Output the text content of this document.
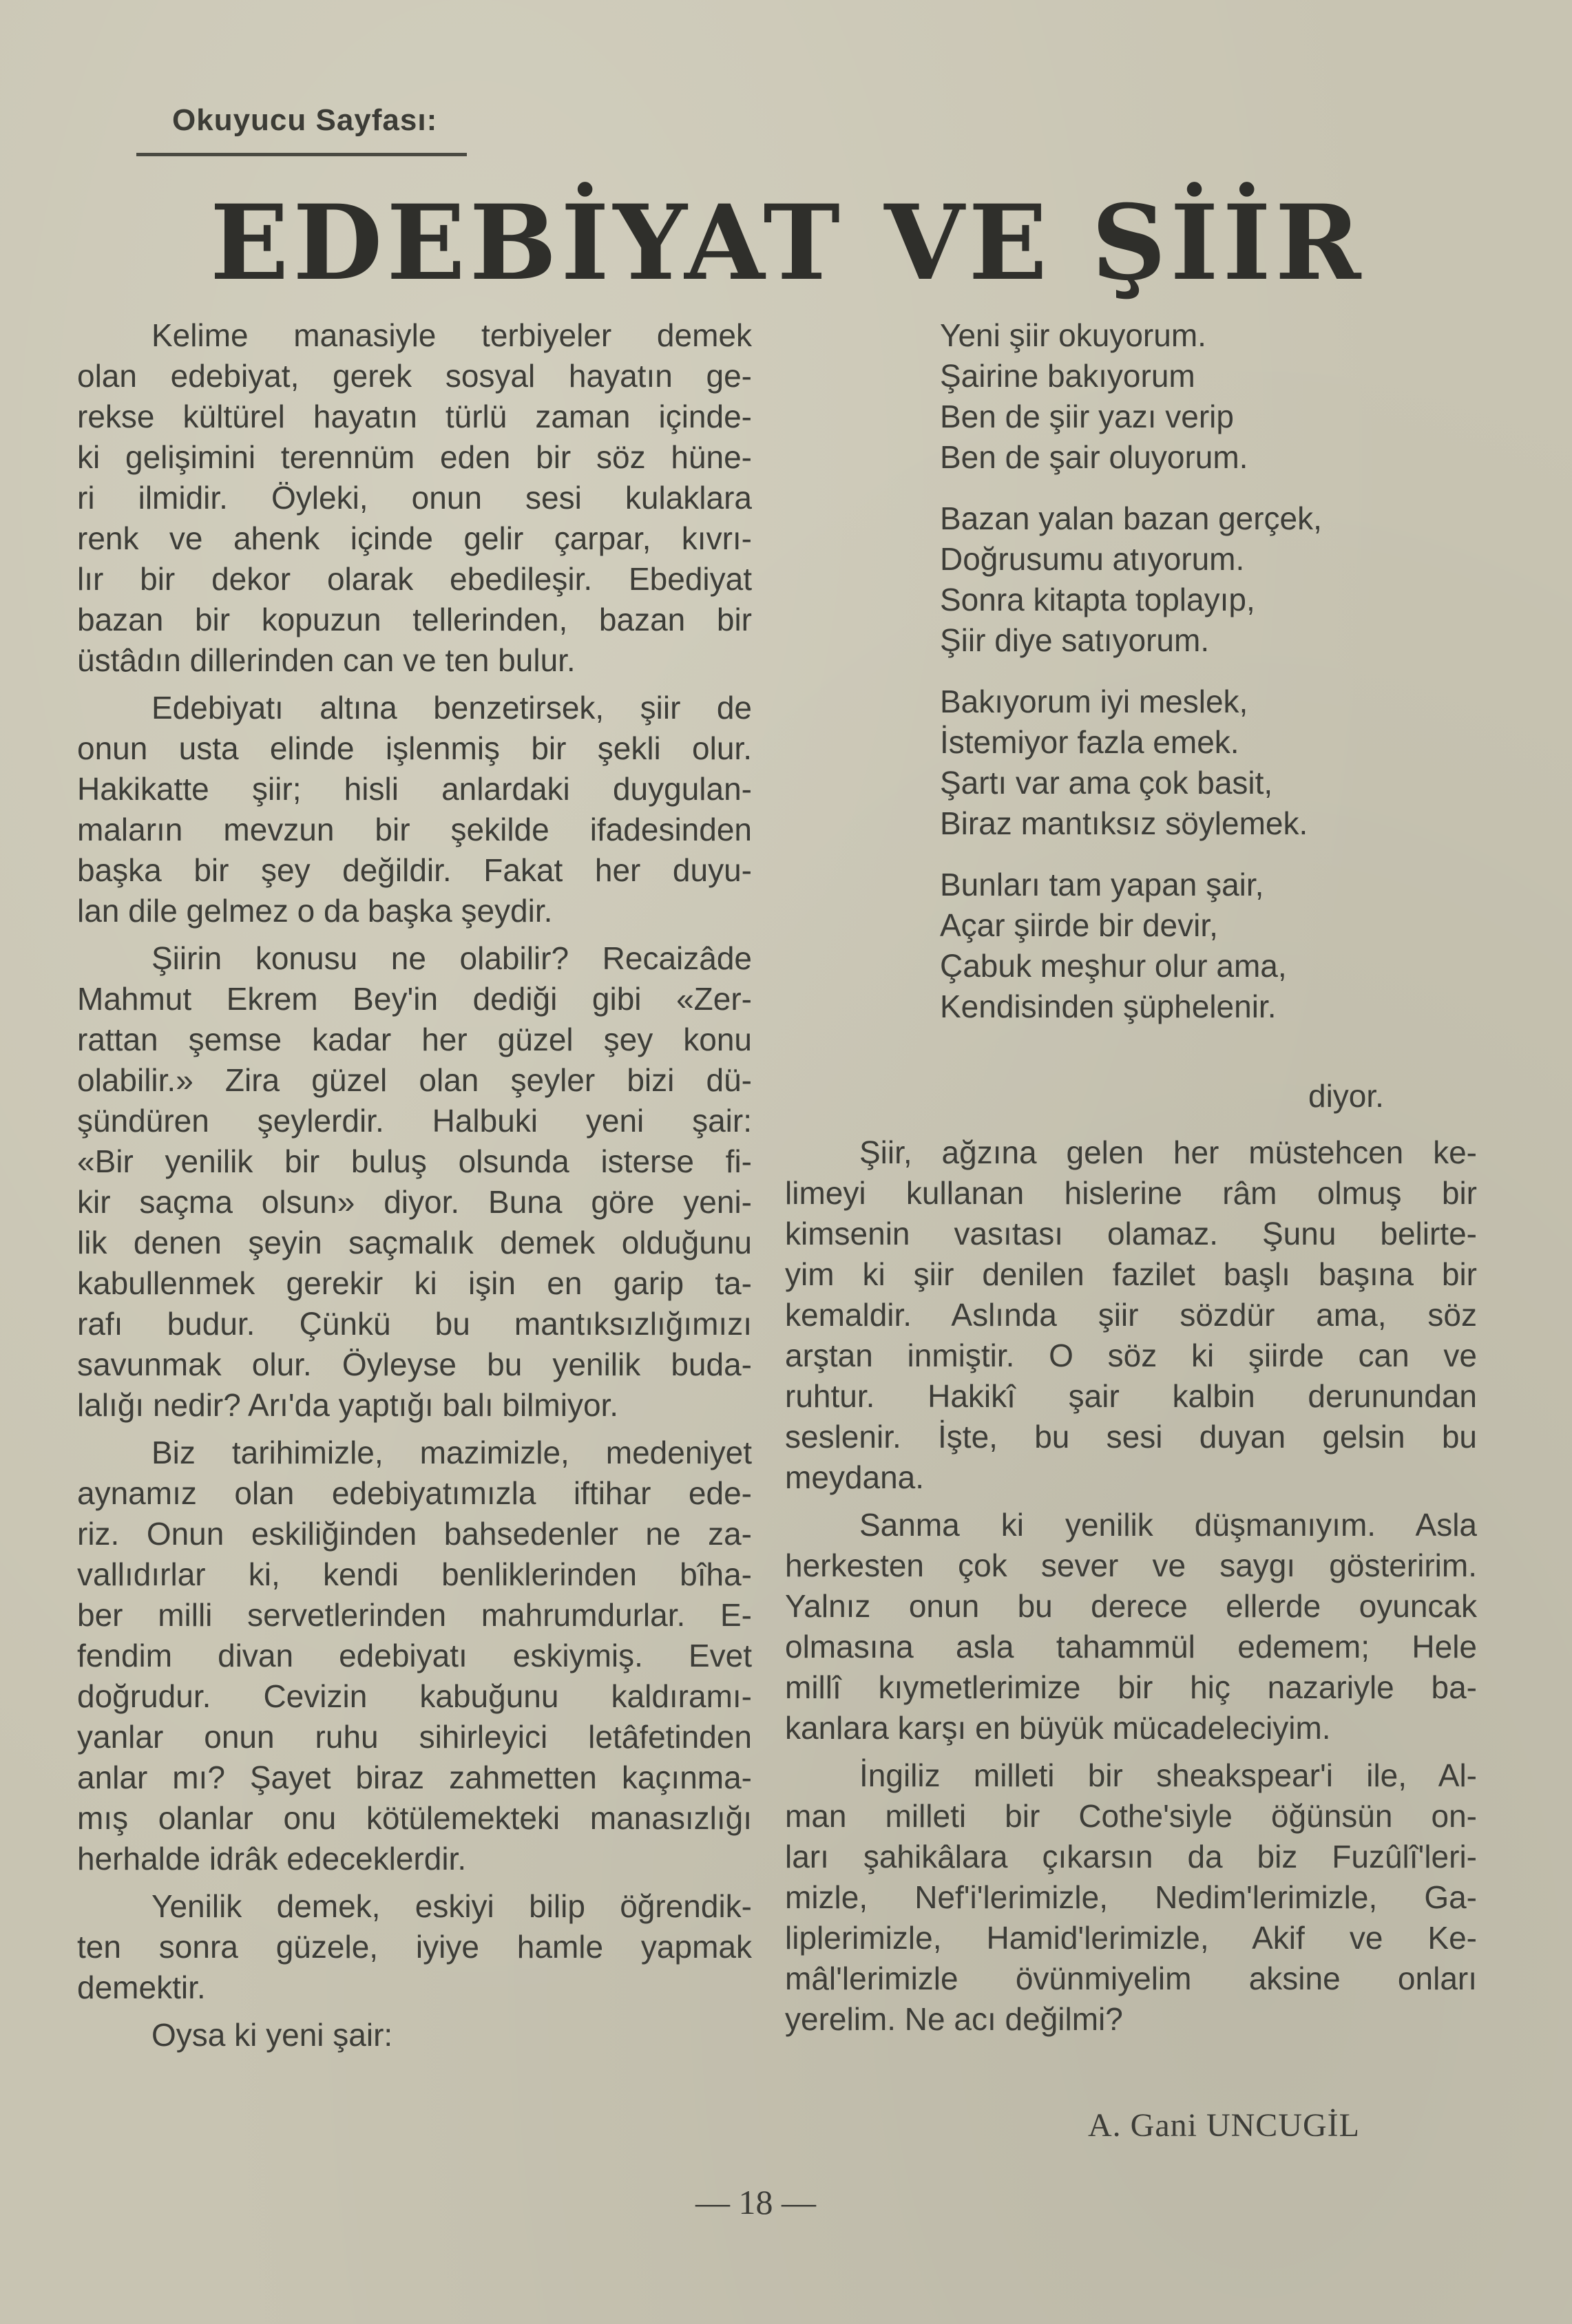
Okuyucu Sayfası:
EDEBİYAT VE ŞİİR
Kelime manasiyle terbiyeler demek
olan edebiyat, gerek sosyal hayatın ge-
rekse kültürel hayatın türlü zaman içinde-
ki gelişimini terennüm eden bir söz hüne-
ri ilmidir. Öyleki, onun sesi kulaklara
renk ve ahenk içinde gelir çarpar, kıvrı-
lır bir dekor olarak ebedileşir. Ebediyat
bazan bir kopuzun tellerinden, bazan bir
üstâdın dillerinden can ve ten bulur.
Edebiyatı altına benzetirsek, şiir de
onun usta elinde işlenmiş bir şekli olur.
Hakikatte şiir; hisli anlardaki duygulan-
maların mevzun bir şekilde ifadesinden
başka bir şey değildir. Fakat her duyu-
lan dile gelmez o da başka şeydir.
Şiirin konusu ne olabilir? Recaizâde
Mahmut Ekrem Bey'in dediği gibi «Zer-
rattan şemse kadar her güzel şey konu
olabilir.» Zira güzel olan şeyler bizi dü-
şündüren şeylerdir. Halbuki yeni şair:
«Bir yenilik bir buluş olsunda isterse fi-
kir saçma olsun» diyor. Buna göre yeni-
lik denen şeyin saçmalık demek olduğunu
kabullenmek gerekir ki işin en garip ta-
rafı budur. Çünkü bu mantıksızlığımızı
savunmak olur. Öyleyse bu yenilik buda-
lalığı nedir? Arı'da yaptığı balı bilmiyor.
Biz tarihimizle, mazimizle, medeniyet
aynamız olan edebiyatımızla iftihar ede-
riz. Onun eskiliğinden bahsedenler ne za-
vallıdırlar ki, kendi benliklerinden bîha-
ber milli servetlerinden mahrumdurlar. E-
fendim divan edebiyatı eskiymiş. Evet
doğrudur. Cevizin kabuğunu kaldıramı-
yanlar onun ruhu sihirleyici letâfetinden
anlar mı? Şayet biraz zahmetten kaçınma-
mış olanlar onu kötülemekteki manasızlığı
herhalde idrâk edeceklerdir.
Yenilik demek, eskiyi bilip öğrendik-
ten sonra güzele, iyiye hamle yapmak
demektir.
Oysa ki yeni şair:
Yeni şiir okuyorum.
Şairine bakıyorum
Ben de şiir yazı verip
Ben de şair oluyorum.
Bazan yalan bazan gerçek,
Doğrusumu atıyorum.
Sonra kitapta toplayıp,
Şiir diye satıyorum.
Bakıyorum iyi meslek,
İstemiyor fazla emek.
Şartı var ama çok basit,
Biraz mantıksız söylemek.
Bunları tam yapan şair,
Açar şiirde bir devir,
Çabuk meşhur olur ama,
Kendisinden şüphelenir.
diyor.
Şiir, ağzına gelen her müstehcen ke-
limeyi kullanan hislerine râm olmuş bir
kimsenin vasıtası olamaz. Şunu belirte-
yim ki şiir denilen fazilet başlı başına bir
kemaldir. Aslında şiir sözdür ama, söz
arştan inmiştir. O söz ki şiirde can ve
ruhtur. Hakikî şair kalbin derunundan
seslenir. İşte, bu sesi duyan gelsin bu
meydana.
Sanma ki yenilik düşmanıyım. Asla
herkesten çok sever ve saygı gösteririm.
Yalnız onun bu derece ellerde oyuncak
olmasına asla tahammül edemem; Hele
millî kıymetlerimize bir hiç nazariyle ba-
kanlara karşı en büyük mücadeleciyim.
İngiliz milleti bir sheakspear'i ile, Al-
man milleti bir Cothe'siyle öğünsün on-
ları şahikâlara çıkarsın da biz Fuzûlî'leri-
mizle, Nef'i'lerimizle, Nedim'lerimizle, Ga-
liplerimizle, Hamid'lerimizle, Akif ve Ke-
mâl'lerimizle övünmiyelim aksine onları
yerelim. Ne acı değilmi?
A. Gani UNCUGİL
— 18 —
